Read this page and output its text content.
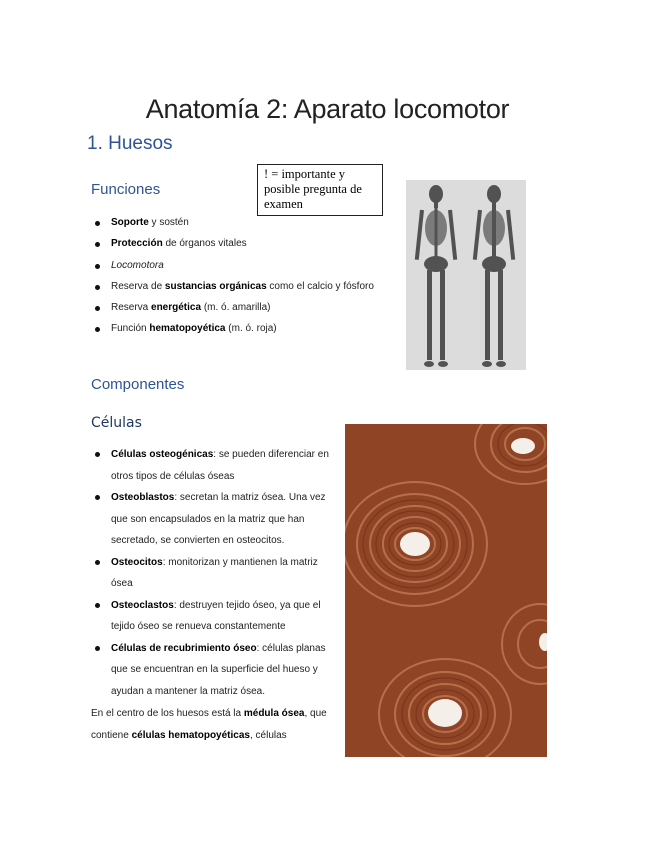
Anatomía 2: Aparato locomotor
1. Huesos
! = importante y posible pregunta de examen
Funciones
Soporte y sostén
Protección de órganos vitales
Locomotora
Reserva de sustancias orgánicas como el calcio y fósforo
Reserva energética (m. ó. amarilla)
Función hematopoyética (m. ó. roja)
Componentes
Células
Células osteogénicas: se pueden diferenciar en otros tipos de células óseas
Osteoblastos: secretan la matriz ósea. Una vez que son encapsulados en la matriz que han secretado, se convierten en osteocitos.
Osteocitos: monitorizan y mantienen la matriz ósea
Osteoclastos: destruyen tejido óseo, ya que el tejido óseo se renueva constantemente
Células de recubrimiento óseo: células planas que se encuentran en la superficie del hueso y ayudan a mantener la matriz ósea.
En el centro de los huesos está la médula ósea, que contiene células hematopoyéticas, células
